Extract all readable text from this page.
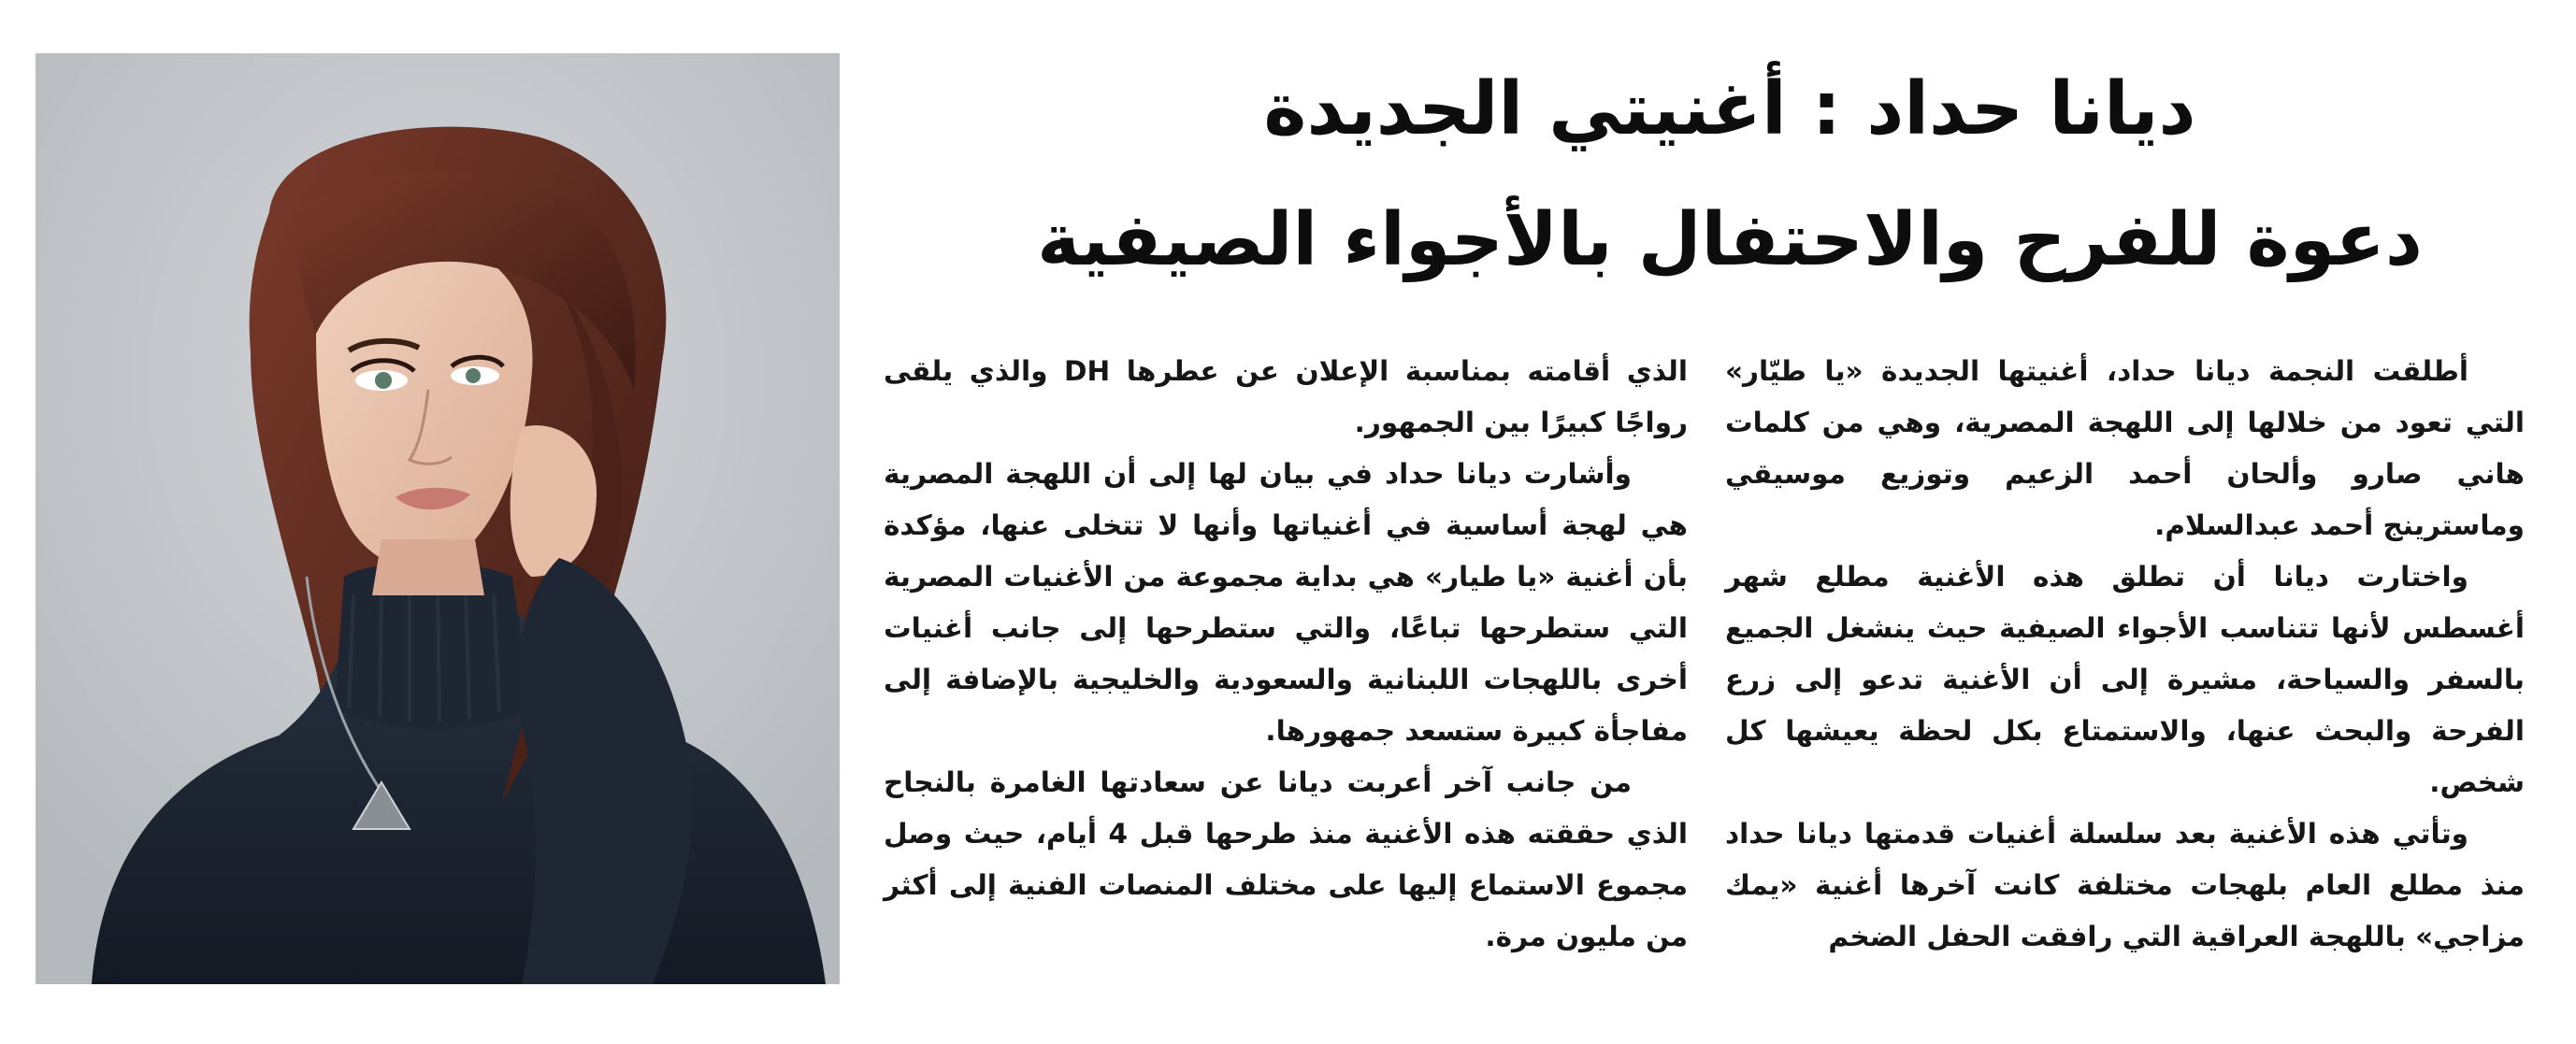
ديانا حداد : أغنيتي الجديدة
دعوة للفرح والاحتفال بالأجواء الصيفية

أطلقت النجمة ديانا حداد، أغنيتها الجديدة «يا طيّار» التي تعود من خلالها إلى اللهجة المصرية، وهي من كلمات هاني صارو وألحان أحمد الزعيم وتوزيع موسيقي وماسترينج أحمد عبدالسلام.

واختارت ديانا أن تطلق هذه الأغنية مطلع شهر أغسطس لأنها تتناسب الأجواء الصيفية حيث ينشغل الجميع بالسفر والسياحة، مشيرة إلى أن الأغنية تدعو إلى زرع الفرحة والبحث عنها، والاستمتاع بكل لحظة يعيشها كل شخص.

وتأتي هذه الأغنية بعد سلسلة أغنيات قدمتها ديانا حداد منذ مطلع العام بلهجات مختلفة كانت آخرها أغنية «يمك مزاجي» باللهجة العراقية التي رافقت الحفل الضخم

الذي أقامته بمناسبة الإعلان عن عطرها DH والذي يلقى رواجًا كبيرًا بين الجمهور.

وأشارت ديانا حداد في بيان لها إلى أن اللهجة المصرية هي لهجة أساسية في أغنياتها وأنها لا تتخلى عنها، مؤكدة بأن أغنية «يا طيار» هي بداية مجموعة من الأغنيات المصرية التي ستطرحها تباعًا، والتي ستطرحها إلى جانب أغنيات أخرى باللهجات اللبنانية والسعودية والخليجية بالإضافة إلى مفاجأة كبيرة ستسعد جمهورها.

من جانب آخر أعربت ديانا عن سعادتها الغامرة بالنجاح الذي حققته هذه الأغنية منذ طرحها قبل 4 أيام، حيث وصل مجموع الاستماع إليها على مختلف المنصات الفنية إلى أكثر من مليون مرة.
